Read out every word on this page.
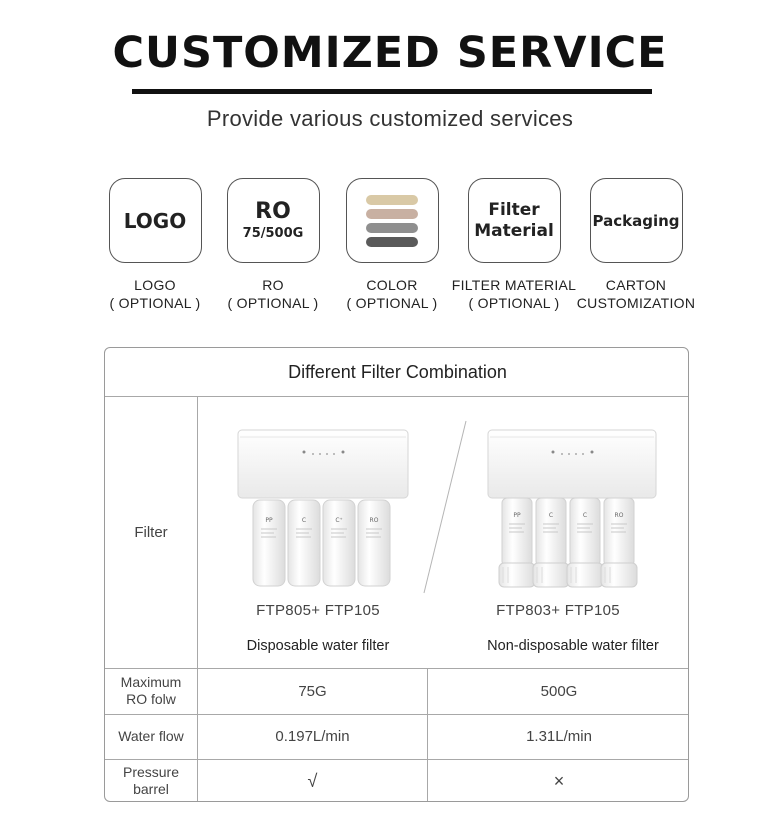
CUSTOMIZED SERVICE
Provide various customized services
LOGO
LOGO
( OPTIONAL )
RO
75/500G
RO
( OPTIONAL )
COLOR
( OPTIONAL )
Filter
Material
FILTER MATERIAL
( OPTIONAL )
Packaging
CARTON
CUSTOMIZATION
Different Filter Combination
Filter
PP	C	C⁺	RO
PP	C	C	RO
FTP805+ FTP105	FTP803+ FTP105
Disposable water filter	Non-disposable water filter
Maximum
RO folw	75G	500G
Water flow	0.197L/min	1.31L/min
Pressure
barrel	√	×
